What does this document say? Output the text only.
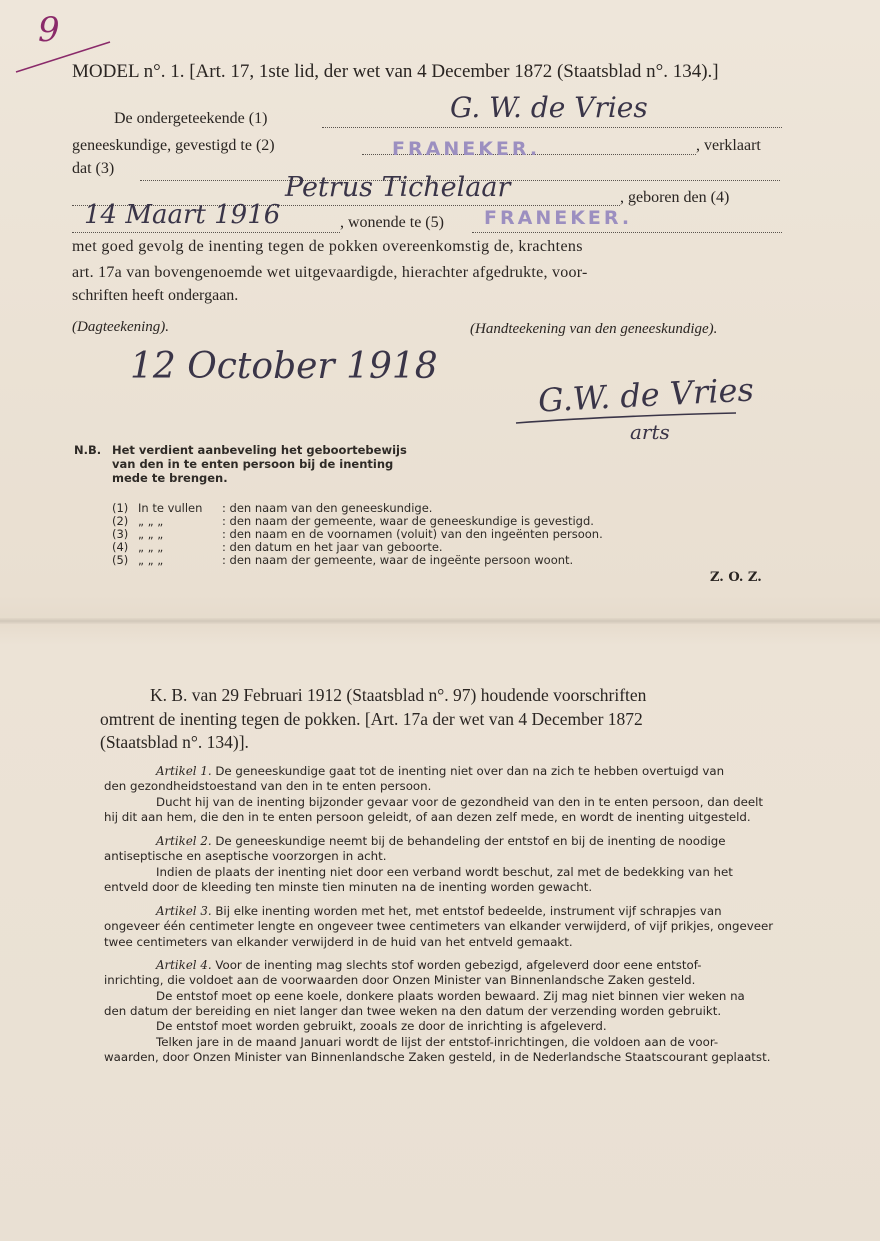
9
MODEL n°. 1. [Art. 17, 1ste lid, der wet van 4 December 1872 (Staatsblad n°. 134).]
De ondergeteekende (1)	G. W. de Vries
geneeskundige, gevestigd te (2)	FRANEKER.	, verklaart
dat (3)
Petrus Tichelaar	, geboren den (4)
14 Maart 1916	, wonende te (5) FRANEKER.
met goed gevolg de inenting tegen de pokken overeenkomstig de, krachtens
art. 17a van bovengenoemde wet uitgevaardigde, hierachter afgedrukte, voor-
schriften heeft ondergaan.
(Dagteekening).	(Handteekening van den geneeskundige).
12 October 1918
G.W. de Vries
arts
N.B. Het verdient aanbeveling het geboortebewijs
van den in te enten persoon bij de inenting
mede te brengen.
(1) In te vullen : den naam van den geneeskundige.
(2) „ „ „	: den naam der gemeente, waar de geneeskundige is gevestigd.
(3) „ „ „	: den naam en de voornamen (voluit) van den ingeënten persoon.
(4) „ „ „	: den datum en het jaar van geboorte.
(5) „ „ „	: den naam der gemeente, waar de ingeënte persoon woont.
Z. O. Z.
K. B. van 29 Februari 1912 (Staatsblad n°. 97) houdende voorschriften
omtrent de inenting tegen de pokken. [Art. 17a der wet van 4 December 1872
(Staatsblad n°. 134)].
Artikel 1. De geneeskundige gaat tot de inenting niet over dan na zich te hebben overtuigd van
den gezondheidstoestand van den in te enten persoon.
Ducht hij van de inenting bijzonder gevaar voor de gezondheid van den in te enten persoon, dan deelt
hij dit aan hem, die den in te enten persoon geleidt, of aan dezen zelf mede, en wordt de inenting uitgesteld.
Artikel 2. De geneeskundige neemt bij de behandeling der entstof en bij de inenting de noodige
antiseptische en aseptische voorzorgen in acht.
Indien de plaats der inenting niet door een verband wordt beschut, zal met de bedekking van het
entveld door de kleeding ten minste tien minuten na de inenting worden gewacht.
Artikel 3. Bij elke inenting worden met het, met entstof bedeelde, instrument vijf schrapjes van
ongeveer één centimeter lengte en ongeveer twee centimeters van elkander verwijderd, of vijf prikjes, ongeveer
twee centimeters van elkander verwijderd in de huid van het entveld gemaakt.
Artikel 4. Voor de inenting mag slechts stof worden gebezigd, afgeleverd door eene entstof-
inrichting, die voldoet aan de voorwaarden door Onzen Minister van Binnenlandsche Zaken gesteld.
De entstof moet op eene koele, donkere plaats worden bewaard. Zij mag niet binnen vier weken na
den datum der bereiding en niet langer dan twee weken na den datum der verzending worden gebruikt.
De entstof moet worden gebruikt, zooals ze door de inrichting is afgeleverd.
Telken jare in de maand Januari wordt de lijst der entstof-inrichtingen, die voldoen aan de voor-
waarden, door Onzen Minister van Binnenlandsche Zaken gesteld, in de Nederlandsche Staatscourant geplaatst.
